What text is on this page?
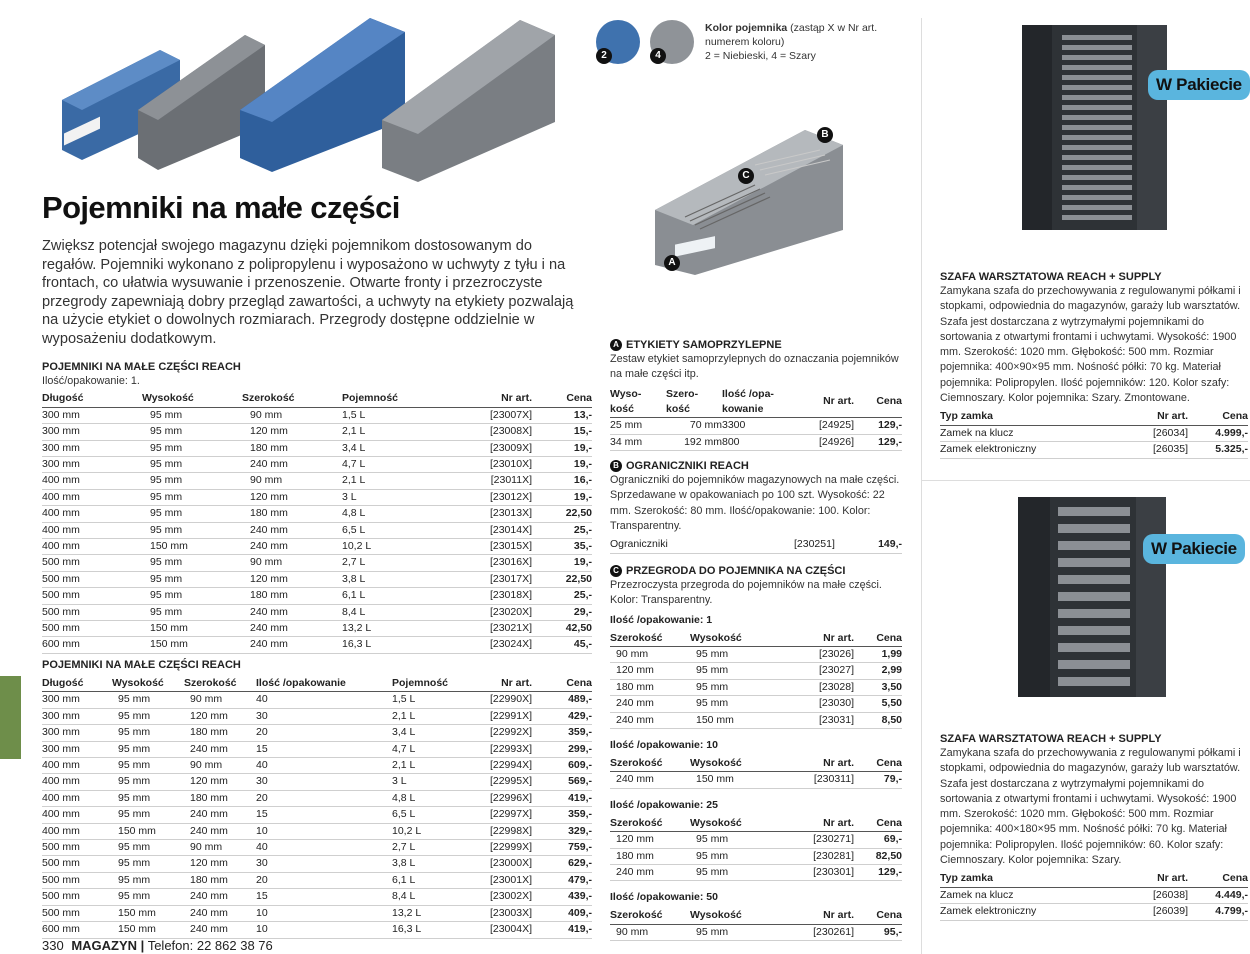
Pojemniki na małe części
Zwiększ potencjał swojego magazynu dzięki pojemnikom dostosowanym do regałów. Pojemniki wykonano z polipropylenu i wyposażono w uchwyty z tyłu i na frontach, co ułatwia wysuwanie i przenoszenie. Otwarte fronty i przezroczyste przegrody zapewniają dobry przegląd zawartości, a uchwyty na etykiety pozwalają na użycie etykiet o dowolnych rozmiarach. Przegrody dostępne oddzielnie w wyposażeniu dodatkowym.
POJEMNIKI NA MAŁE CZĘŚCI REACH
Ilość/opakowanie: 1.
Długość	Wysokość	Szerokość	Pojemność	Nr art.	Cena
300 mm	95 mm	90 mm	1,5 L	[23007X]	13,-
300 mm	95 mm	120 mm	2,1 L	[23008X]	15,-
300 mm	95 mm	180 mm	3,4 L	[23009X]	19,-
300 mm	95 mm	240 mm	4,7 L	[23010X]	19,-
400 mm	95 mm	90 mm	2,1 L	[23011X]	16,-
400 mm	95 mm	120 mm	3 L	[23012X]	19,-
400 mm	95 mm	180 mm	4,8 L	[23013X]	22,50
400 mm	95 mm	240 mm	6,5 L	[23014X]	25,-
400 mm	150 mm	240 mm	10,2 L	[23015X]	35,-
500 mm	95 mm	90 mm	2,7 L	[23016X]	19,-
500 mm	95 mm	120 mm	3,8 L	[23017X]	22,50
500 mm	95 mm	180 mm	6,1 L	[23018X]	25,-
500 mm	95 mm	240 mm	8,4 L	[23020X]	29,-
500 mm	150 mm	240 mm	13,2 L	[23021X]	42,50
600 mm	150 mm	240 mm	16,3 L	[23024X]	45,-
POJEMNIKI NA MAŁE CZĘŚCI REACH
Długość	Wysokość	Szerokość	Ilość /opakowanie	Pojemność	Nr art.	Cena
300 mm	95 mm	90 mm	40	1,5 L	[22990X]	489,-
300 mm	95 mm	120 mm	30	2,1 L	[22991X]	429,-
300 mm	95 mm	180 mm	20	3,4 L	[22992X]	359,-
300 mm	95 mm	240 mm	15	4,7 L	[22993X]	299,-
400 mm	95 mm	90 mm	40	2,1 L	[22994X]	609,-
400 mm	95 mm	120 mm	30	3 L	[22995X]	569,-
400 mm	95 mm	180 mm	20	4,8 L	[22996X]	419,-
400 mm	95 mm	240 mm	15	6,5 L	[22997X]	359,-
400 mm	150 mm	240 mm	10	10,2 L	[22998X]	329,-
500 mm	95 mm	90 mm	40	2,7 L	[22999X]	759,-
500 mm	95 mm	120 mm	30	3,8 L	[23000X]	629,-
500 mm	95 mm	180 mm	20	6,1 L	[23001X]	479,-
500 mm	95 mm	240 mm	15	8,4 L	[23002X]	439,-
500 mm	150 mm	240 mm	10	13,2 L	[23003X]	409,-
600 mm	150 mm	240 mm	10	16,3 L	[23004X]	419,-
330 MAGAZYN | Telefon: 22 862 38 76
2	4
Kolor pojemnika (zastąp X w Nr art.
numerem koloru)
2 = Niebieski, 4 = Szary
B
C
A
A ETYKIETY SAMOPRZYLEPNE
Zestaw etykiet samoprzylepnych do oznaczania pojemników na małe części itp.
Wyso-
kość	Szero-
kość	Ilość /opa-
kowanie	Nr art.	Cena
25 mm	70 mm	3300	[24925]	129,-
34 mm	192 mm	800	[24926]	129,-
B OGRANICZNIKI REACH
Ograniczniki do pojemników magazynowych na małe części. Sprzedawane w opakowaniach po 100 szt. Wysokość: 22 mm. Szerokość: 80 mm. Ilość/opakowanie: 100. Kolor: Transparentny.
Ograniczniki	[230251]	149,-
C PRZEGRODA DO POJEMNIKA NA CZĘŚCI
Przezroczysta przegroda do pojemników na małe części. Kolor: Transparentny.
Ilość /opakowanie: 1
Szerokość	Wysokość	Nr art.	Cena
90 mm	95 mm	[23026]	1,99
120 mm	95 mm	[23027]	2,99
180 mm	95 mm	[23028]	3,50
240 mm	95 mm	[23030]	5,50
240 mm	150 mm	[23031]	8,50
Ilość /opakowanie: 10
Szerokość	Wysokość	Nr art.	Cena
240 mm	150 mm	[230311]	79,-
Ilość /opakowanie: 25
Szerokość	Wysokość	Nr art.	Cena
120 mm	95 mm	[230271]	69,-
180 mm	95 mm	[230281]	82,50
240 mm	95 mm	[230301]	129,-
Ilość /opakowanie: 50
Szerokość	Wysokość	Nr art.	Cena
90 mm	95 mm	[230261]	95,-
W Pakiecie
SZAFA WARSZTATOWA REACH + SUPPLY
Zamykana szafa do przechowywania z regulowanymi półkami i stopkami, odpowiednia do magazynów, garaży lub warsztatów. Szafa jest dostarczana z wytrzymałymi pojemnikami do sortowania z otwartymi frontami i uchwytami. Wysokość: 1900 mm. Szerokość: 1020 mm. Głębokość: 500 mm. Rozmiar pojemnika: 400×90×95 mm. Nośność półki: 70 kg. Materiał pojemnika: Polipropylen. Ilość pojemników: 120. Kolor szafy: Ciemnoszary. Kolor pojemnika: Szary. Zmontowane.
Typ zamka	Nr art.	Cena
Zamek na klucz	[26034]	4.999,-
Zamek elektroniczny	[26035]	5.325,-
W Pakiecie
SZAFA WARSZTATOWA REACH + SUPPLY
Zamykana szafa do przechowywania z regulowanymi półkami i stopkami, odpowiednia do magazynów, garaży lub warsztatów. Szafa jest dostarczana z wytrzymałymi pojemnikami do sortowania z otwartymi frontami i uchwytami. Wysokość: 1900 mm. Szerokość: 1020 mm. Głębokość: 500 mm. Rozmiar pojemnika: 400×180×95 mm. Nośność półki: 70 kg. Materiał pojemnika: Polipropylen. Ilość pojemników: 60. Kolor szafy: Ciemnoszary. Kolor pojemnika: Szary.
Typ zamka	Nr art.	Cena
Zamek na klucz	[26038]	4.449,-
Zamek elektroniczny	[26039]	4.799,-
